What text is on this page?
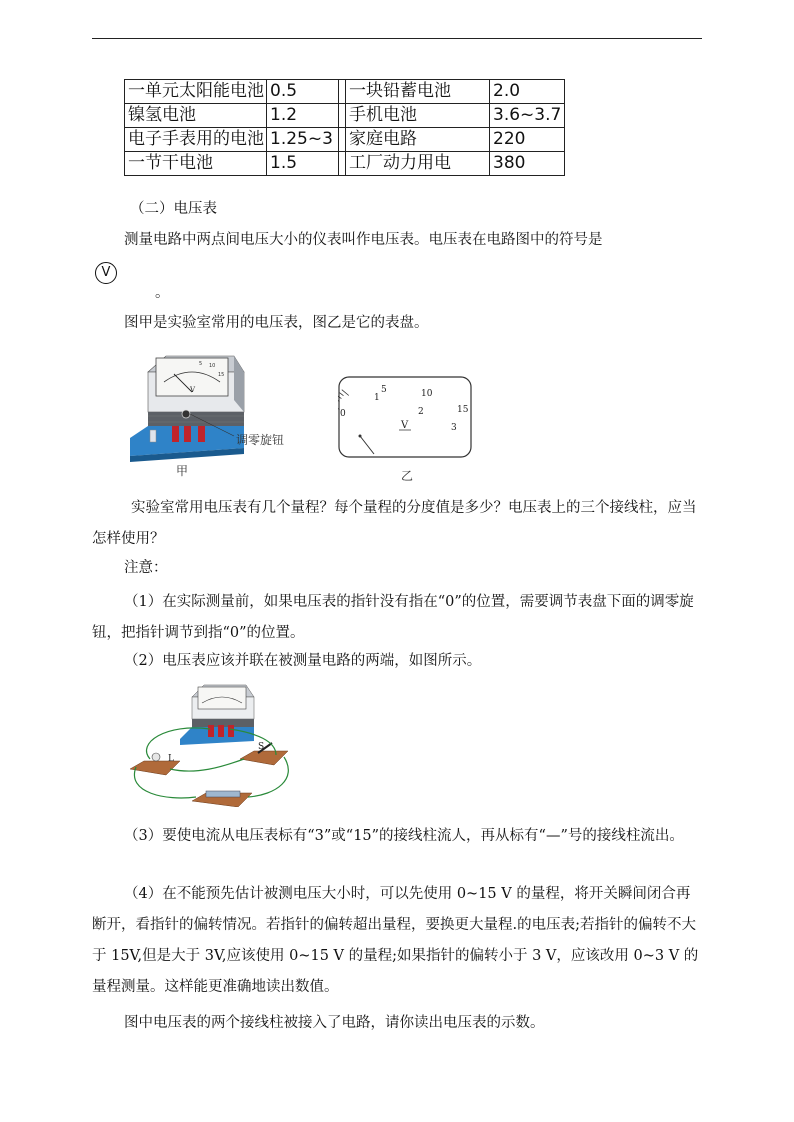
一单元太阳能电池	0.5		一块铅蓄电池	2.0
镍氢电池	1.2		手机电池	3.6~3.7
电子手表用的电池	1.25~3		家庭电路	220
一节干电池	1.5		工厂动力用电	380
（二）电压表
测量电路中两点间电压大小的仪表叫作电压表。电压表在电路图中的符号是
V
。
图甲是实验室常用的电压表，图乙是它的表盘。
V
5 10
15
调零旋钮
甲
0
1
2
3
5	10
15
V
乙
实验室常用电压表有几个量程？每个量程的分度值是多少？电压表上的三个接线柱，应当怎样使用？
注意：
（1）在实际测量前，如果电压表的指针没有指在“0”的位置，需要调节表盘下面的调零旋钮，把指针调节到指“0”的位置。
（2）电压表应该并联在被测量电路的两端，如图所示。
L
S
（3）要使电流从电压表标有“3”或“15”的接线柱流人，再从标有“—”号的接线柱流出。
（4）在不能预先估计被测电压大小时，可以先使用 0~15 V 的量程，将开关瞬间闭合再断开，看指针的偏转情况。若指针的偏转超出量程，要换更大量程.的电压表;若指针的偏转不大于 15V,但是大于 3V,应该使用 0~15 V 的量程;如果指针的偏转小于 3 V，应该改用 0~3 V 的量程测量。这样能更准确地读出数值。
图中电压表的两个接线柱被接入了电路，请你读出电压表的示数。
